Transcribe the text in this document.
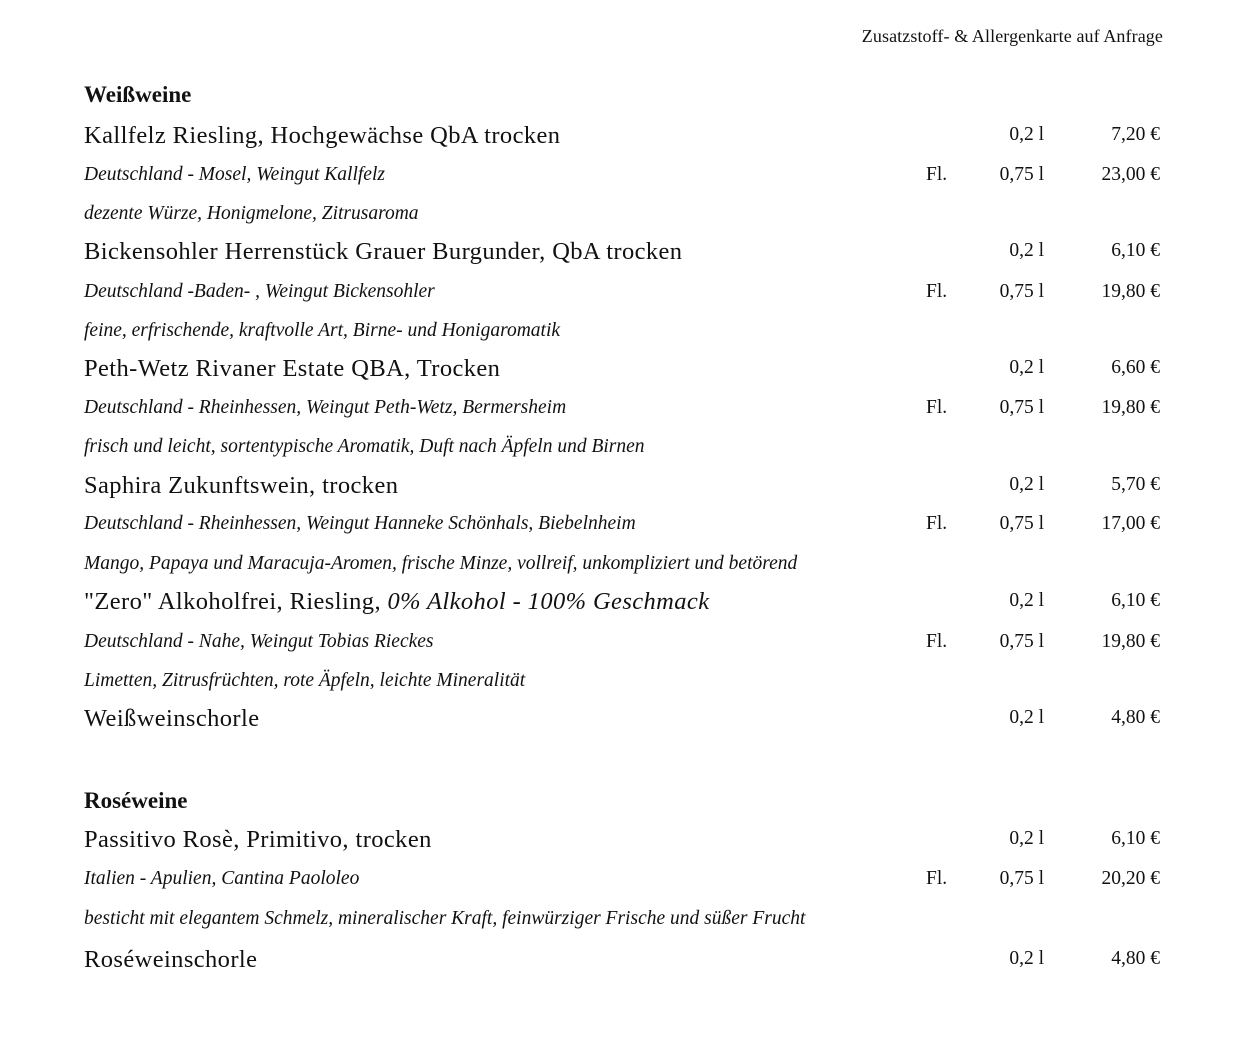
Zusatzstoff- & Allergenkarte auf Anfrage
Weißweine
Kallfelz Riesling, Hochgewächse QbA trocken	0,2 l	7,20 €
Deutschland - Mosel, Weingut Kallfelz	Fl.	0,75 l	23,00 €
dezente Würze, Honigmelone, Zitrusaroma
Bickensohler Herrenstück Grauer Burgunder, QbA trocken	0,2 l	6,10 €
Deutschland -Baden- , Weingut Bickensohler	Fl.	0,75 l	19,80 €
feine, erfrischende, kraftvolle Art, Birne- und Honigaromatik
Peth-Wetz Rivaner Estate QBA, Trocken	0,2 l	6,60 €
Deutschland - Rheinhessen, Weingut Peth-Wetz, Bermersheim	Fl.	0,75 l	19,80 €
frisch und leicht, sortentypische Aromatik, Duft nach Äpfeln und Birnen
Saphira Zukunftswein, trocken	0,2 l	5,70 €
Deutschland - Rheinhessen, Weingut Hanneke Schönhals, Biebelnheim	Fl.	0,75 l	17,00 €
Mango, Papaya und Maracuja-Aromen, frische Minze, vollreif, unkompliziert und betörend
"Zero" Alkoholfrei, Riesling, 0% Alkohol - 100% Geschmack	0,2 l	6,10 €
Deutschland - Nahe, Weingut Tobias Rieckes	Fl.	0,75 l	19,80 €
Limetten, Zitrusfrüchten, rote Äpfeln, leichte Mineralität
Weißweinschorle	0,2 l	4,80 €
Roséweine
Passitivo Rosè, Primitivo, trocken	0,2 l	6,10 €
Italien - Apulien, Cantina Paololeo	Fl.	0,75 l	20,20 €
besticht mit elegantem Schmelz, mineralischer Kraft, feinwürziger Frische und süßer Frucht
Roséweinschorle	0,2 l	4,80 €
